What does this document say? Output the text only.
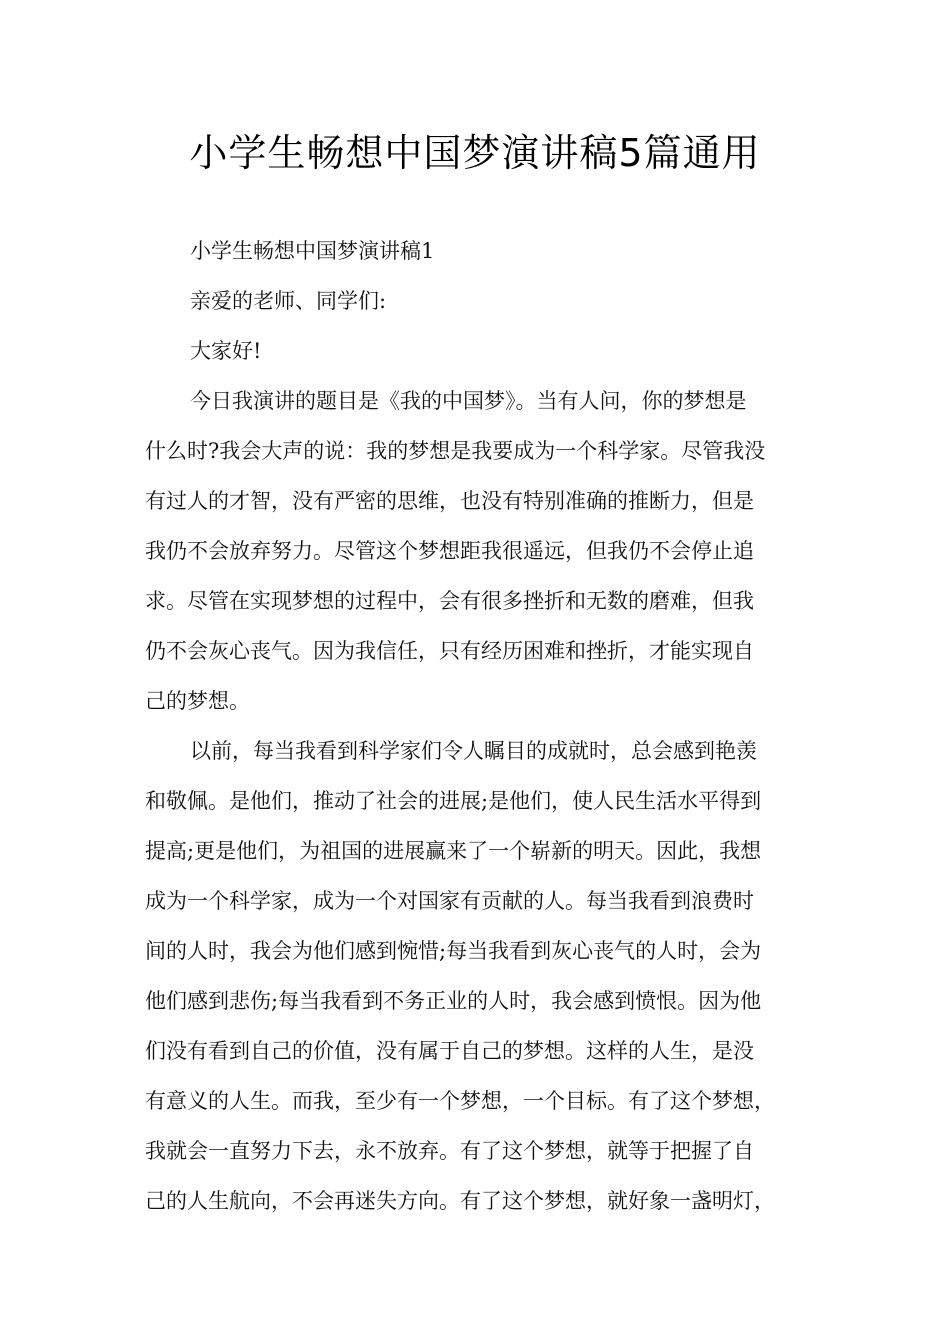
小学生畅想中国梦演讲稿5篇通用
小学生畅想中国梦演讲稿1
亲爱的老师、同学们:
大家好!
今日我演讲的题目是《我的中国梦》。当有人问，你的梦想是
什么时?我会大声的说：我的梦想是我要成为一个科学家。尽管我没
有过人的才智，没有严密的思维，也没有特别准确的推断力，但是
我仍不会放弃努力。尽管这个梦想距我很遥远，但我仍不会停止追
求。尽管在实现梦想的过程中，会有很多挫折和无数的磨难，但我
仍不会灰心丧气。因为我信任，只有经历困难和挫折，才能实现自
己的梦想。
以前，每当我看到科学家们令人瞩目的成就时，总会感到艳羡
和敬佩。是他们，推动了社会的进展;是他们，使人民生活水平得到
提高;更是他们，为祖国的进展赢来了一个崭新的明天。因此，我想
成为一个科学家，成为一个对国家有贡献的人。每当我看到浪费时
间的人时，我会为他们感到惋惜;每当我看到灰心丧气的人时，会为
他们感到悲伤;每当我看到不务正业的人时，我会感到愤恨。因为他
们没有看到自己的价值，没有属于自己的梦想。这样的人生，是没
有意义的人生。而我，至少有一个梦想，一个目标。有了这个梦想，
我就会一直努力下去，永不放弃。有了这个梦想，就等于把握了自
己的人生航向，不会再迷失方向。有了这个梦想，就好象一盏明灯，
